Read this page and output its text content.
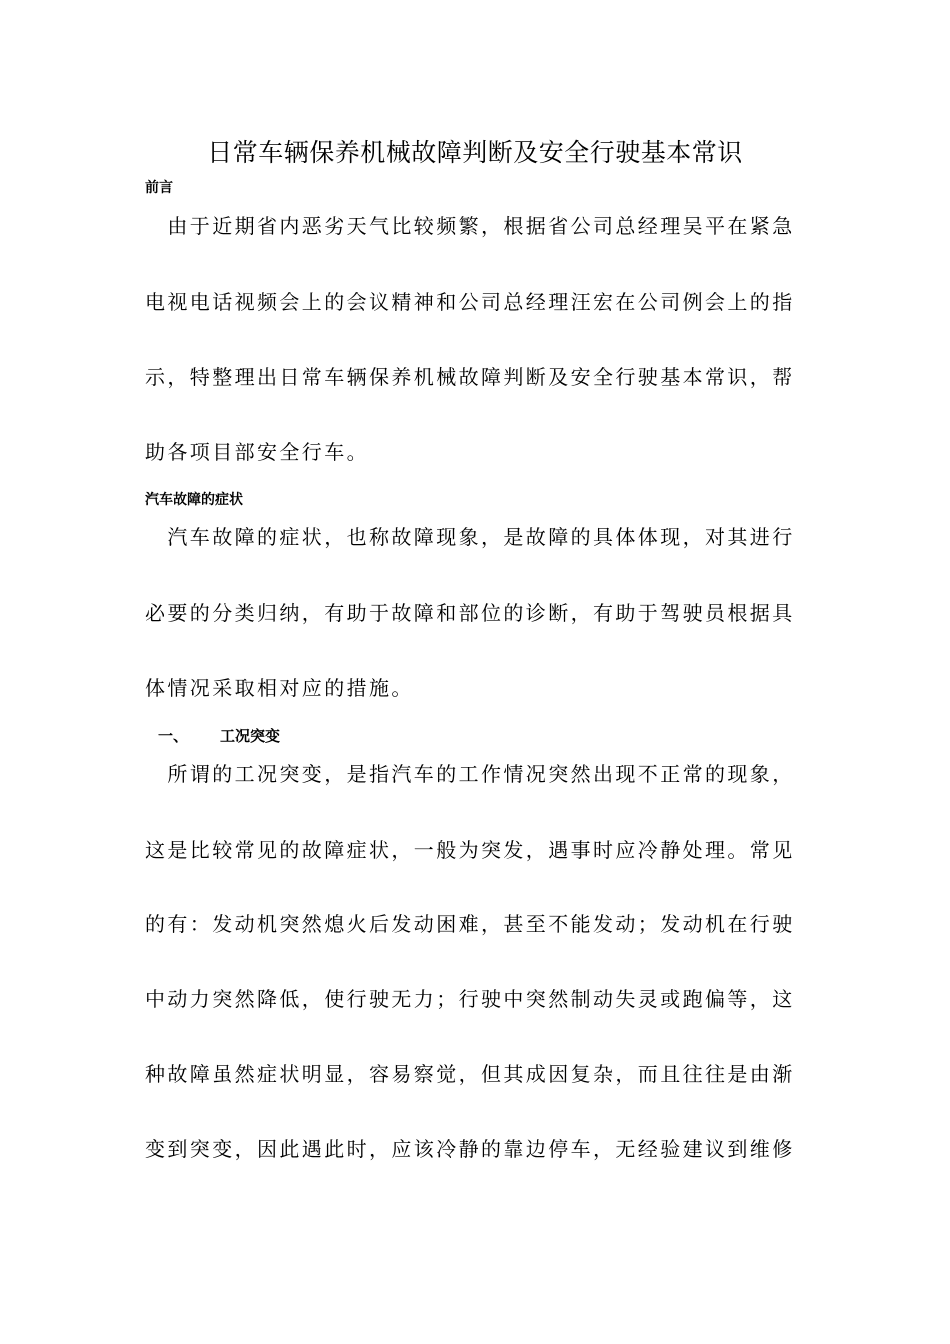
日常车辆保养机械故障判断及安全行驶基本常识
前言
　由于近期省内恶劣天气比较频繁，根据省公司总经理吴平在紧急
电视电话视频会上的会议精神和公司总经理汪宏在公司例会上的指
示，特整理出日常车辆保养机械故障判断及安全行驶基本常识，帮
助各项目部安全行车。
汽车故障的症状
　汽车故障的症状，也称故障现象，是故障的具体体现，对其进行
必要的分类归纳，有助于故障和部位的诊断，有助于驾驶员根据具
体情况采取相对应的措施。
一、 工况突变
　所谓的工况突变，是指汽车的工作情况突然出现不正常的现象，
这是比较常见的故障症状，一般为突发，遇事时应冷静处理。常见
的有：发动机突然熄火后发动困难，甚至不能发动；发动机在行驶
中动力突然降低，使行驶无力；行驶中突然制动失灵或跑偏等，这
种故障虽然症状明显，容易察觉，但其成因复杂，而且往往是由渐
变到突变，因此遇此时，应该冷静的靠边停车，无经验建议到维修
